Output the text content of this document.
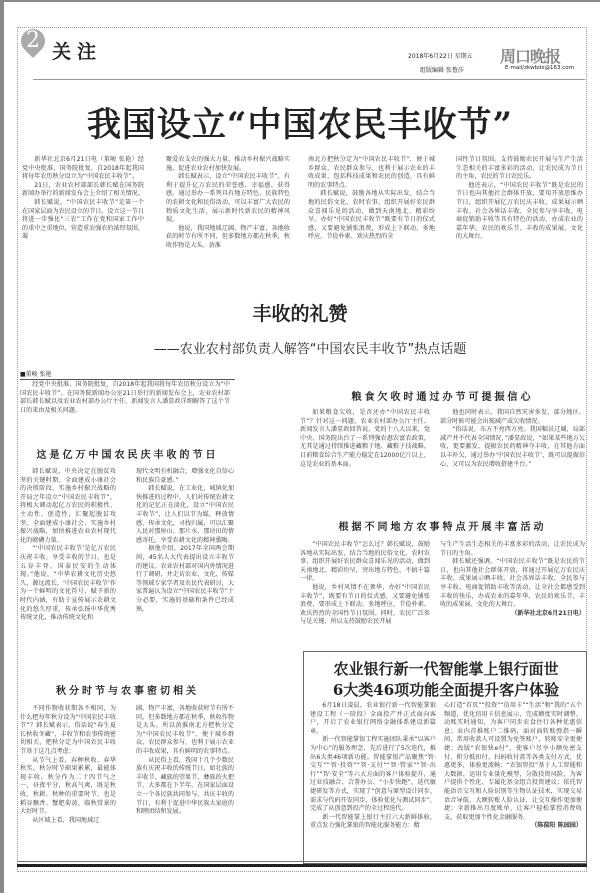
2 关注	2018年6月22日 星期五 周口晚报
组版编辑 张鲁莎	E-mail/zkwbds@163.com
我国设立“中国农民丰收节”

新华社北京6月21日电（董峻 张艳）经党中央批准、国务院批复，自2018年起我国将每年农历秋分设立为“中国农民丰收节”。

21日，农业农村部部长韩长赋在国务院新闻办举行的新闻发布会上介绍了相关情况。

韩长赋说，“中国农民丰收节”是第一个在国家层面为农民设立的节日。设立这一节日将进一步强化“三农”工作在党和国家工作中的重中之重地位，营造重农强农的浓厚氛围，凝

聚爱农支农的强大力量，推动乡村振兴战略实施，促进农业农村加快发展。

韩长赋表示，设立“中国农民丰收节”，有利于提升亿万农民的荣誉感、幸福感、获得感。通过举办一系列具有地方特色、民族特色的农耕文化和民俗活动，可以丰富广大农民的物质文化生活，展示新时代新农民的精神风貌。

他说，我国地域辽阔、物产丰富，各地收获的时节有所不同，但多数地方都在秋季，秋收作物是大头。黄淮

南北方把秋分定为“中国农民丰收节”，便于城乡群众、农民群众参与，也利于展示农业的丰收成果，包括科技成果和农民的创造，具有鲜明的农事特点。

韩长赋说，鼓励各地从实际出发，结合当地的民俗文化、农时农事，组织开展好农民群众喜闻乐见的活动，做到天南地北、精彩纷呈。办好“中国农民丰收节”既要有节日的仪式感，又要避免铺张浪费，形成上下联动、多地呼应、节俭朴素、欢庆热烈的全

国性节日氛围。支持鼓励农民开展与生产生活生态相关的丰富多彩的活动，让农民成为节日的主角，农民的节日农民乐。

他还表示，“中国农民丰收节”既是农民的节日也向其他社会群体开放，要用开放思维办节日，组织开展亿万农民庆丰收、成果展示晒丰收、社会各界话丰收、全民参与享丰收、电商促销助丰收等具有特色的活动，办成农业的嘉年华、农民的欢乐节、丰收的成果展、文化的大舞台。

丰收的礼赞
——农业农村部负责人解答“中国农民丰收节”热点话题
■董峻 张艳

经党中央批准、国务院批复，自2018年起我国将每年农历秋分设立为“中国农民丰收节”。在国务院新闻办公室21日举行的新闻发布会上，农业农村部部长韩长赋以及农业农村部办公厅主任、新闻发言人潘显政详细解答了这个节日的来由及相关问题。

这是亿万中国农民庆丰收的节日

韩长赋说，中央决定在脱贫攻坚的关键时期、全面建成小康社会的决胜阶段、实施乡村振兴战略的开局之年设立“中国农民丰收节”，将极大调动起亿万农民的积极性、主动性、创造性，汇聚起脱贫攻坚、全面建成小康社会、实施乡村振兴战略，加快推进农业农村现代化的磅礴力量。

“‘中国农民丰收节’是亿万农民庆祝丰收、享受丰收的节日，也是五谷丰登、国泰民安的生动体现。”他说，“中华农耕文化历史悠久、源远流长，‘中国农民丰收节’作为一个鲜明的文化符号，赋予新的时代内涵，有助于宣传展示农耕文化的悠久厚重，传承弘扬中华优秀传统文化，推动传统文化和

现代文明有机融合，增强文化自信心和民族自豪感。”

韩长赋说，在工业化、城镇化加快推进的过程中，人们对传统农耕文化的记忆正在淡化，设立“中国农民丰收节”，让人们以节为媒，释放情感、传承文化、寻找归属，可以汇聚人民对那座山、那片水、那块田的情感寄托，享受农耕文化的精神熏陶。

据他介绍，2017年全国两会期间，45名人大代表提出设立丰收节的建议。农业农村部对国内外情况进行了调研，并走访农业、文化、传媒等领域专家学者及农民代表研讨，大家普遍认为设立“中国农民丰收节”十分必要，实施的基础和条件已经成熟。

粮食欠收时通过办节可提振信心

如果粮食欠收，是否还办“中国农民丰收节”？针对这一问题，农业农村部办公厅主任、新闻发言人潘显政回答说，党的十八大以来，党中央、国务院出台了一系列强农惠农富农政策，尤其是通过持续推进藏粮于地、藏粮于技战略，目前粮食综合生产能力稳定在12000亿斤以上，这是农业的基本面。

他也同时表示，我国自然灾害多发，部分地区、部分时候可能会出现减产或欠收情况。

“俗话说，东方不亮西方亮。我国幅员辽阔，局部减产并不代表全国情况，”潘显政说，“如果某些地方欠收，更要激发、提振农民的精神夺丰收，在其他方面以丰补欠，通过举办‘中国农民丰收节’，既可以提振信心，又可以为农民增收搭建平台。”

根据不同地方农事特点开展丰富活动

“中国农民丰收节”怎么过？韩长赋说，鼓励各地从实际出发，结合当地的民俗文化、农时农事，组织开展好农民群众喜闻乐见的活动，做到天南地北、精彩纷呈，突出地方特色，不搞千篇一律。

他说，乡村风情不在奢华，办好“中国农民丰收节”，既要有节日的仪式感，又要避免铺张浪费，要形成上下联动、多地呼应、节俭朴素、欢庆热烈的全国性节日氛围。同时，农民广泛参与是关键，所以支持鼓励农民开展

与生产生活生态相关的丰富多彩的活动，让农民成为节日的主角。

韩长赋还强调，“中国农民丰收节”既是农民的节日，也向其他社会群体开放，将通过开展亿万农民庆丰收、成果展示晒丰收、社会各界话丰收、全民参与享丰收、电商促销助丰收等活动，让全社会都感受到丰收的快乐，办成农业的嘉年华、农民的欢乐节、丰收的成果展、文化的大舞台。

（新华社北京6月21日电）
秋分时节与农事密切相关

不同作物收获期各不相同，为什么把每年秋分设为“中国农民丰收节”？韩长赋表示，俗话说“春生夏长秋收冬藏”，丰收节和农事传统密切相关，把秋分定为中国农民丰收节基于这几点考虑：

从节气上看，春种秋收、春华秋实，秋分时节硕果累累，最能体现丰收。秋分作为二十四节气之一，昼夜平分，秋高气爽，既是秋收、秋耕、秋种的重要时节，也是稻谷飘香、蟹肥菊黄、临秋赏景的大好时节。

从区域上看，我国地域辽

阔、物产丰富，各地收获时节有所不同，但多数地方都在秋季，秋收作物是大头。所以黄淮南北方把秋分定为“中国农民丰收节”，便于城乡群众、农民群众参与，也利于展示农业的丰收成果，具有鲜明的农事特点。

从民俗上看，我国十几个少数民族有庆祝丰收的传统节日，如壮族的丰收节、藏族的望果节、彝族的火把节，大多都在下半年。在国家层面设立一个各民族共同参与、共庆丰收的节日，有利于促进中华民族大家庭的和睦团结和发展。

农业银行新一代智能掌上银行面世
6大类46项功能全面提升客户体验

6月18日凌晨，农业银行新一代智能掌银建设工程（一阶段）全面投产并正式面向客户，开启了农业银行网络金融体系建设新篇章。

新一代智能掌银工程实施团队秉承“以客户为中心”的服务理念，先后进行了5次迭代，推出6大类46项新功能。智能掌银产品聚焦“智·交互”“智·投资”“智·支付”“智·管家”“智·出行”“智·安全”等六大方面的客户体验提升，通过业技融合、合署办公、“小步快跑”，迭代敏捷研发等方式，实现了“创意与原型设计同步、需求与代码开发同步、体验优化与测试同步”，完成了从创意到投产的全过程迭代。

新一代智能掌上银行主打六大新鲜体验，重点发力强化掌银的智能化服务能力：精

心打造“首页”“投资”“信用卡”“生活”和“我的”五个频道，优化信用卡信息展示，完成额度实时调整、动账实时通知，为客户同步农食住行各种优惠信息；业内首推账户二维码，面对面转账弹指一瞬间，常用收款人可设置为免签账户，转账安全更便捷；改版“农银快e付”，使客户尽享小额免密支付、积分抵扣付、扫码收付款等各类支付方式，优惠更多，体验更流畅；“农银智投”基于人工智能和大数据，运用专业量化模型，分散投资风险，为客户提供个性化、专属化基金组合投资建议；依托智能语音交互和人脸识别等生物认证技术，实现交易语音导航、大额转账人脸认证，让交互操作更加便捷；全新推出月度账单，让客户轻松掌控消费收支，获取更加个性化金融服务。

（陈葆阳 陈园园）
